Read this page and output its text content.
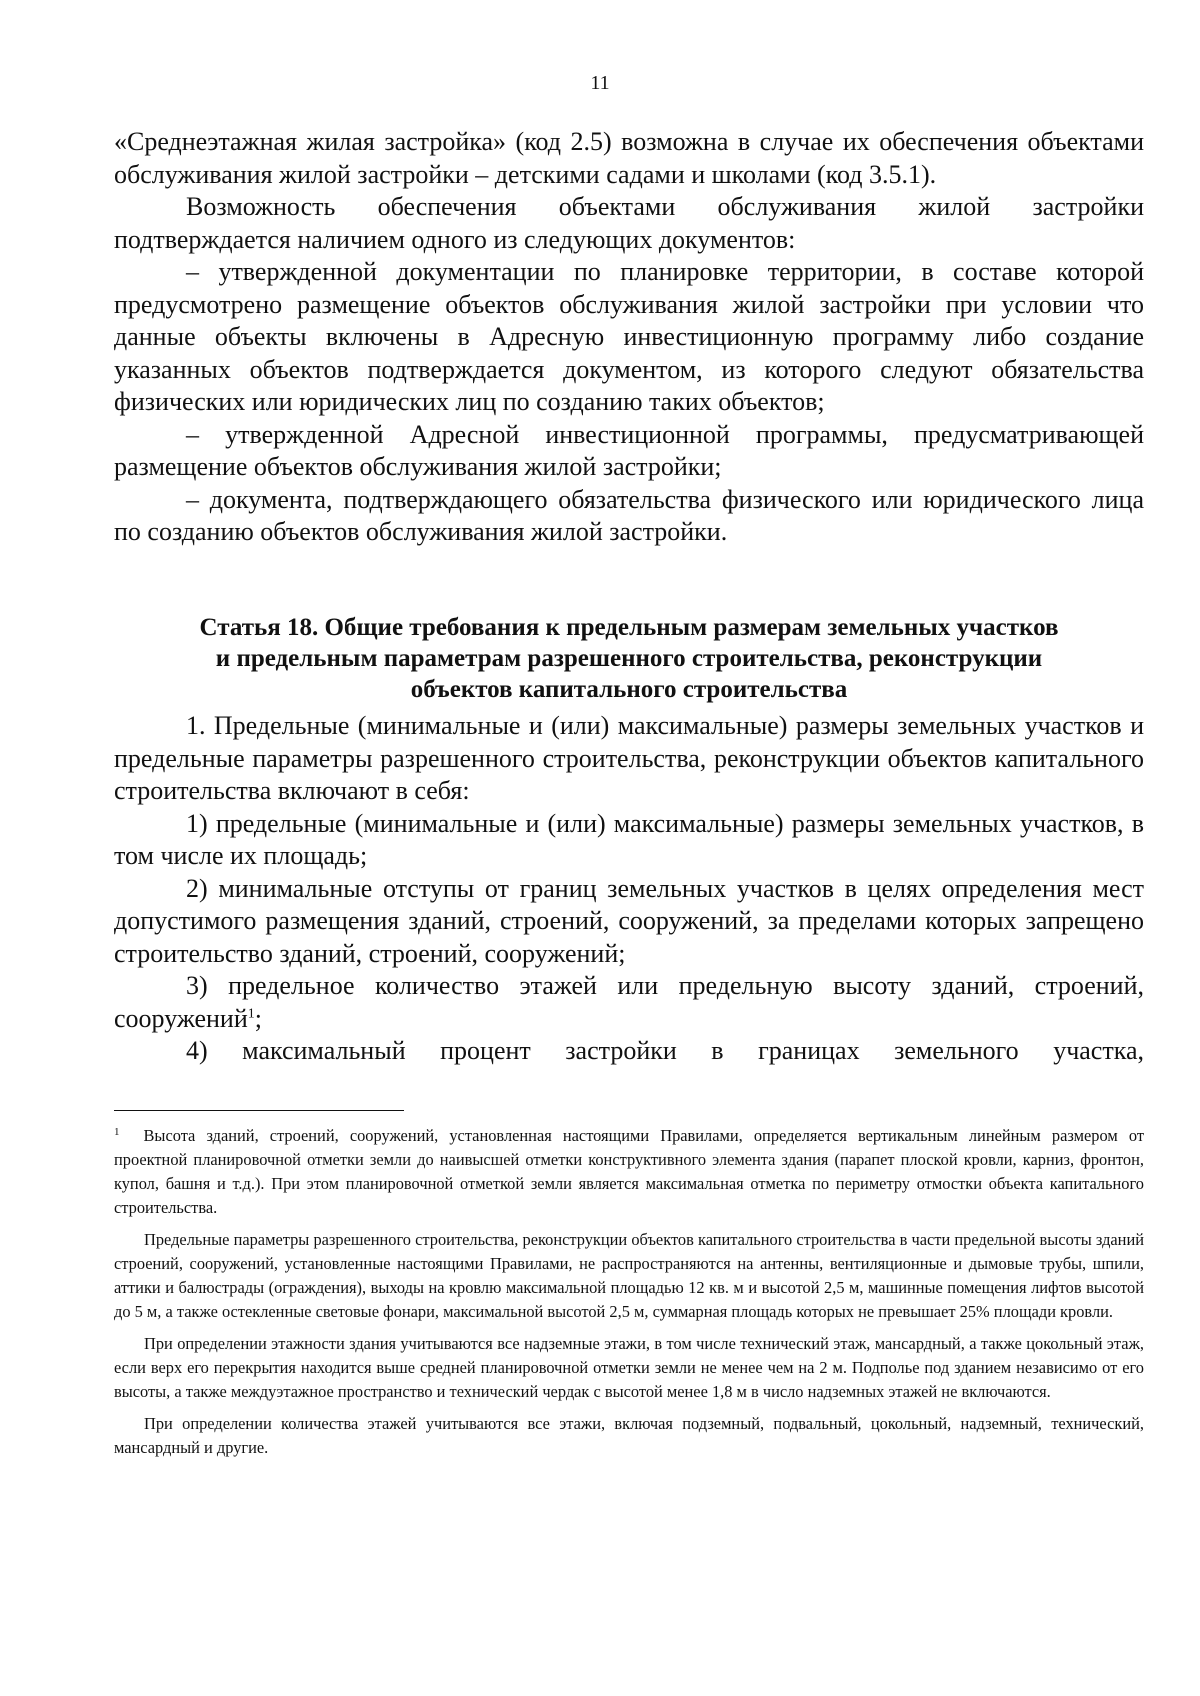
11

«Среднеэтажная жилая застройка» (код 2.5) возможна в случае их обеспечения объектами обслуживания жилой застройки – детскими садами и школами (код 3.5.1).

Возможность обеспечения объектами обслуживания жилой застройки подтверждается наличием одного из следующих документов:

– утвержденной документации по планировке территории, в составе которой предусмотрено размещение объектов обслуживания жилой застройки при условии что данные объекты включены в Адресную инвестиционную программу либо создание указанных объектов подтверждается документом, из которого следуют обязательства физических или юридических лиц по созданию таких объектов;

– утвержденной Адресной инвестиционной программы, предусматривающей размещение объектов обслуживания жилой застройки;

– документа, подтверждающего обязательства физического или юридического лица по созданию объектов обслуживания жилой застройки.

Статья 18. Общие требования к предельным размерам земельных участков
и предельным параметрам разрешенного строительства, реконструкции
объектов капитального строительства

1. Предельные (минимальные и (или) максимальные) размеры земельных участков и предельные параметры разрешенного строительства, реконструкции объектов капитального строительства включают в себя:

1) предельные (минимальные и (или) максимальные) размеры земельных участков, в том числе их площадь;

2) минимальные отступы от границ земельных участков в целях определения мест допустимого размещения зданий, строений, сооружений, за пределами которых запрещено строительство зданий, строений, сооружений;

3) предельное количество этажей или предельную высоту зданий, строений, сооружений$^1$;

4) максимальный процент застройки в границах земельного участка,

$^1$ Высота зданий, строений, сооружений, установленная настоящими Правилами, определяется вертикальным линейным размером от проектной планировочной отметки земли до наивысшей отметки конструктивного элемента здания (парапет плоской кровли, карниз, фронтон, купол, башня и т.д.). При этом планировочной отметкой земли является максимальная отметка по периметру отмостки объекта капитального строительства.

Предельные параметры разрешенного строительства, реконструкции объектов капитального строительства в части предельной высоты зданий строений, сооружений, установленные настоящими Правилами, не распространяются на антенны, вентиляционные и дымовые трубы, шпили, аттики и балюстрады (ограждения), выходы на кровлю максимальной площадью 12 кв. м и высотой 2,5 м, машинные помещения лифтов высотой до 5 м, а также остекленные световые фонари, максимальной высотой 2,5 м, суммарная площадь которых не превышает 25% площади кровли.

При определении этажности здания учитываются все надземные этажи, в том числе технический этаж, мансардный, а также цокольный этаж, если верх его перекрытия находится выше средней планировочной отметки земли не менее чем на 2 м. Подполье под зданием независимо от его высоты, а также междуэтажное пространство и технический чердак с высотой менее 1,8 м в число надземных этажей не включаются.

При определении количества этажей учитываются все этажи, включая подземный, подвальный, цокольный, надземный, технический, мансардный и другие.
